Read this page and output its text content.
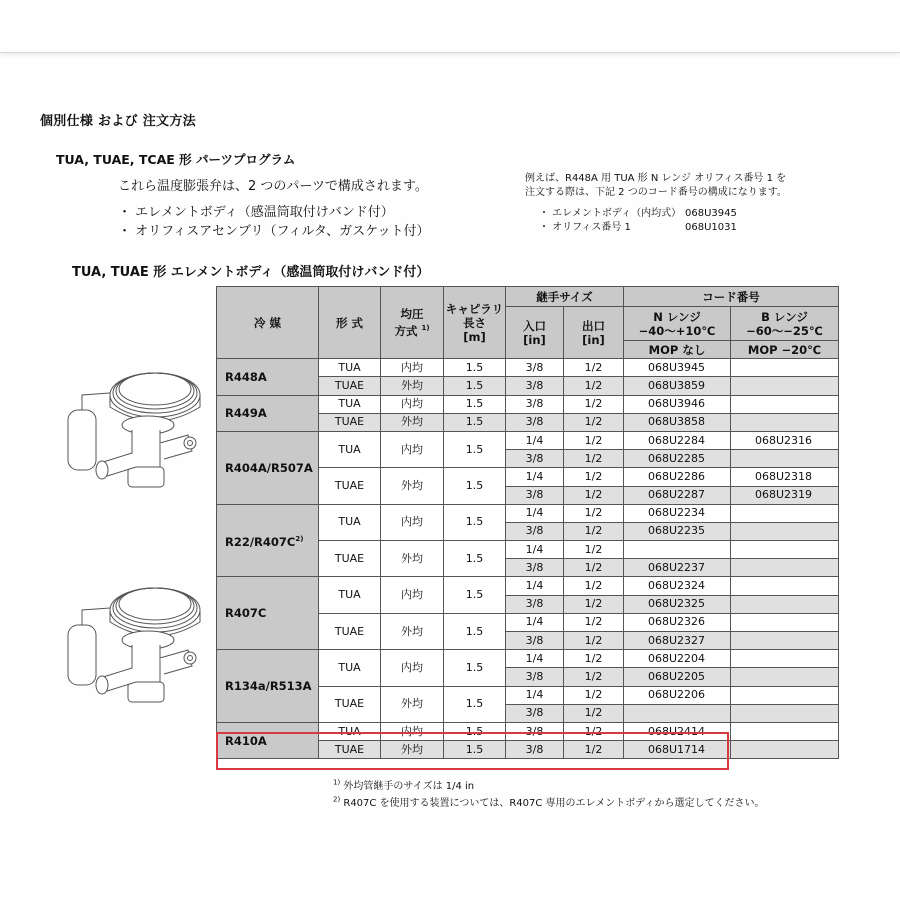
個別仕様 および 注文方法
TUA, TUAE, TCAE 形 パーツプログラム
これら温度膨張弁は、2 つのパーツで構成されます。
・ エレメントボディ（感温筒取付けバンド付）
・ オリフィスアセンブリ（フィルタ、ガスケット付）
例えば、R448A 用 TUA 形 N レンジ オリフィス番号 1 を
注文する際は、下記 2 つのコード番号の構成になります。
・ エレメントボディ（内均式） 068U3945
・ オリフィス番号 1	068U1031
TUA, TUAE 形 エレメントボディ（感温筒取付けバンド付）
冷 媒	形 式	均圧
方式 $^{1)}$	キャピラリ
長さ
[m]	継手サイズ		コード番号	
				入口
[in]	出口
[in]	N レンジ
−40〜+10℃	B レンジ
−60〜−25℃
						MOP なし	MOP −20℃
R448A	TUA	内均	1.5	3/8	1/2	068U3945	
	TUAE	外均	1.5	3/8	1/2	068U3859	
R449A	TUA	内均	1.5	3/8	1/2	068U3946	
	TUAE	外均	1.5	3/8	1/2	068U3858	
R404A/R507A	TUA	内均	1.5	1/4	1/2	068U2284	068U2316
				3/8	1/2	068U2285	
	TUAE	外均	1.5	1/4	1/2	068U2286	068U2318
				3/8	1/2	068U2287	068U2319
$R22/R407C^{2)}$	TUA	内均	1.5	1/4	1/2	068U2234	
				3/8	1/2	068U2235	
	TUAE	外均	1.5	1/4	1/2		
				3/8	1/2	068U2237	
R407C	TUA	内均	1.5	1/4	1/2	068U2324	
				3/8	1/2	068U2325	
	TUAE	外均	1.5	1/4	1/2	068U2326	
				3/8	1/2	068U2327	
R134a/R513A	TUA	内均	1.5	1/4	1/2	068U2204	
				3/8	1/2	068U2205	
	TUAE	外均	1.5	1/4	1/2	068U2206	
				3/8	1/2		
R410A	TUA	内均	1.5	3/8	1/2	068U2414	
	TUAE	外均	1.5	3/8	1/2	068U1714	
$^{1)}$ 外均管継手のサイズは 1/4 in
$^{2)}$ R407C を使用する装置については、R407C 専用のエレメントボディから選定してください。
